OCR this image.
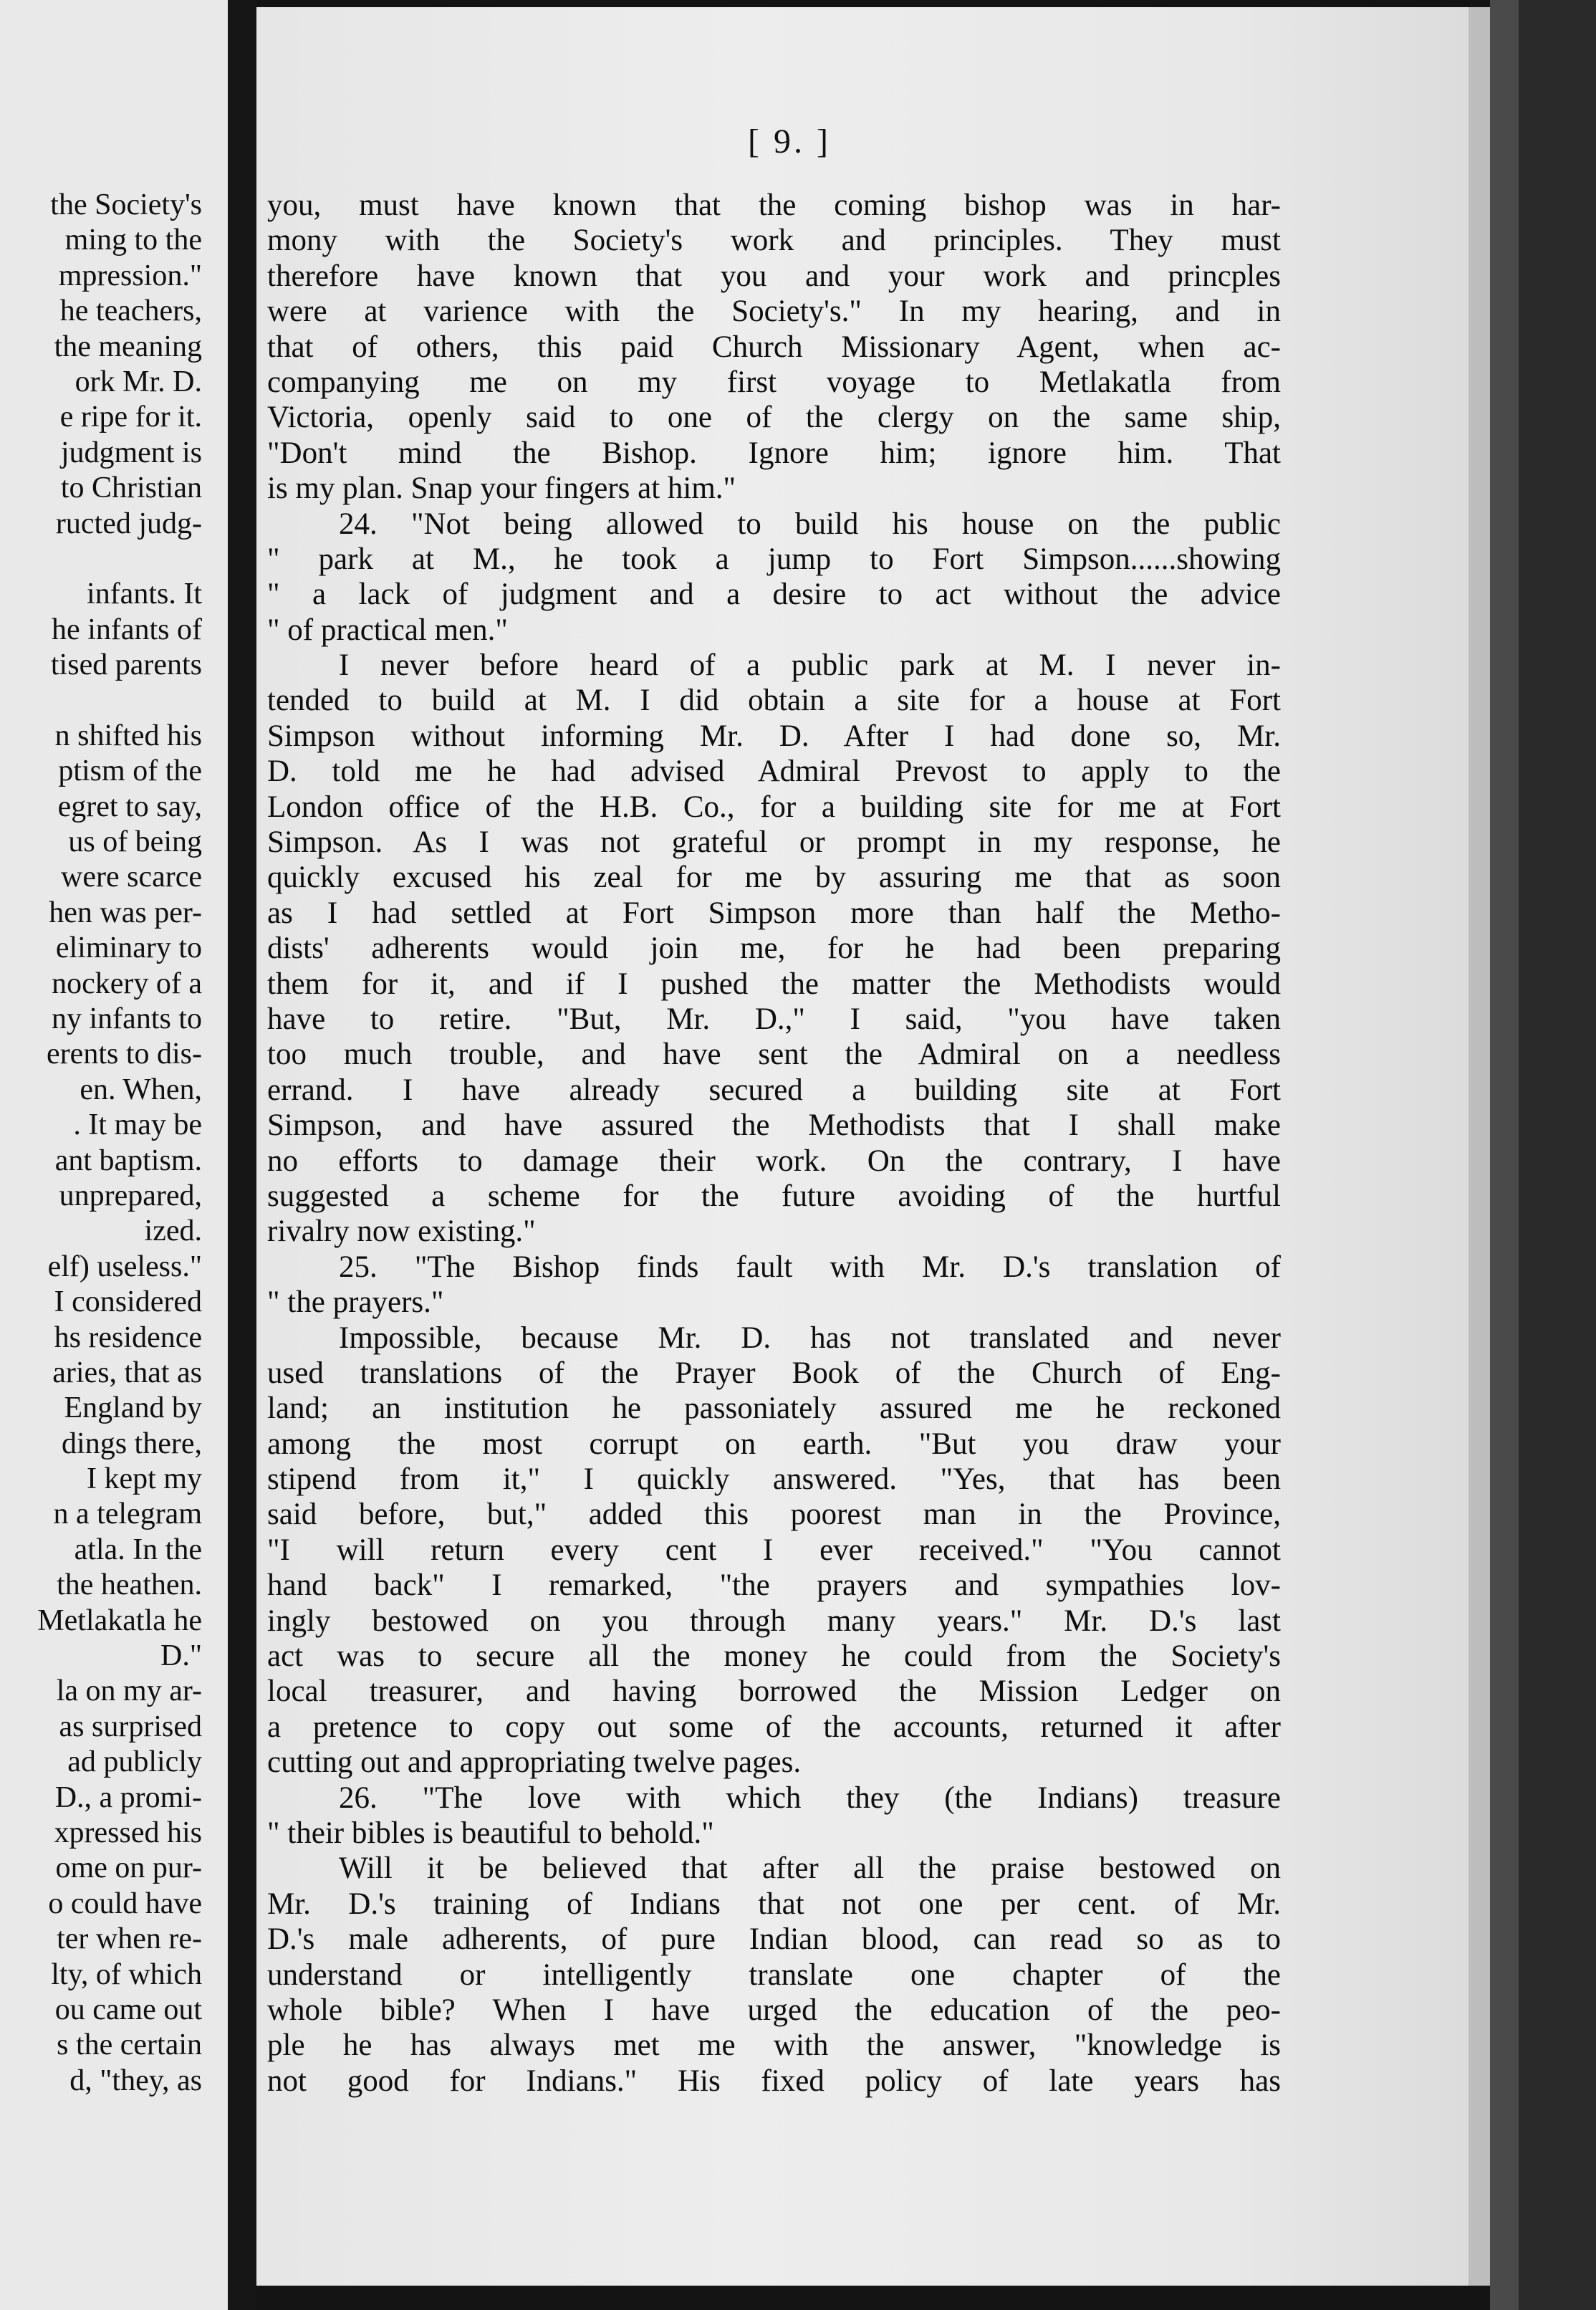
the Society's
ming to the
mpression."
he teachers,
the meaning
ork Mr. D.
e ripe for it.
judgment is
to Christian
ructed judg-
infants. It
he infants of
tised parents
n shifted his
ptism of the
egret to say,
us of being
were scarce
hen was per-
eliminary to
nockery of a
ny infants to
erents to dis-
en. When,
. It may be
ant baptism.
unprepared,
ized.
elf) useless."
I considered
hs residence
aries, that as
England by
dings there,
I kept my
n a telegram
atla. In the
the heathen.
Metlakatla he
D."
la on my ar-
as surprised
ad publicly
D., a promi-
xpressed his
ome on pur-
o could have
ter when re-
lty, of which
ou came out
s the certain
d, "they, as
[ 9. ]
you, must have known that the coming bishop was in har-
mony with the Society's work and principles. They must
therefore have known that you and your work and princples
were at varience with the Society's." In my hearing, and in
that of others, this paid Church Missionary Agent, when ac-
companying me on my first voyage to Metlakatla from
Victoria, openly said to one of the clergy on the same ship,
"Don't mind the Bishop. Ignore him; ignore him. That
is my plan. Snap your fingers at him."
24. "Not being allowed to build his house on the public
" park at M., he took a jump to Fort Simpson......showing
" a lack of judgment and a desire to act without the advice
" of practical men."
I never before heard of a public park at M. I never in-
tended to build at M. I did obtain a site for a house at Fort
Simpson without informing Mr. D. After I had done so, Mr.
D. told me he had advised Admiral Prevost to apply to the
London office of the H.B. Co., for a building site for me at Fort
Simpson. As I was not grateful or prompt in my response, he
quickly excused his zeal for me by assuring me that as soon
as I had settled at Fort Simpson more than half the Metho-
dists' adherents would join me, for he had been preparing
them for it, and if I pushed the matter the Methodists would
have to retire. "But, Mr. D.," I said, "you have taken
too much trouble, and have sent the Admiral on a needless
errand. I have already secured a building site at Fort
Simpson, and have assured the Methodists that I shall make
no efforts to damage their work. On the contrary, I have
suggested a scheme for the future avoiding of the hurtful
rivalry now existing."
25. "The Bishop finds fault with Mr. D.'s translation of
" the prayers."
Impossible, because Mr. D. has not translated and never
used translations of the Prayer Book of the Church of Eng-
land; an institution he passoniately assured me he reckoned
among the most corrupt on earth. "But you draw your
stipend from it," I quickly answered. "Yes, that has been
said before, but," added this poorest man in the Province,
"I will return every cent I ever received." "You cannot
hand back" I remarked, "the prayers and sympathies lov-
ingly bestowed on you through many years." Mr. D.'s last
act was to secure all the money he could from the Society's
local treasurer, and having borrowed the Mission Ledger on
a pretence to copy out some of the accounts, returned it after
cutting out and appropriating twelve pages.
26. "The love with which they (the Indians) treasure
" their bibles is beautiful to behold."
Will it be believed that after all the praise bestowed on
Mr. D.'s training of Indians that not one per cent. of Mr.
D.'s male adherents, of pure Indian blood, can read so as to
understand or intelligently translate one chapter of the
whole bible? When I have urged the education of the peo-
ple he has always met me with the answer, "knowledge is
not good for Indians." His fixed policy of late years has
